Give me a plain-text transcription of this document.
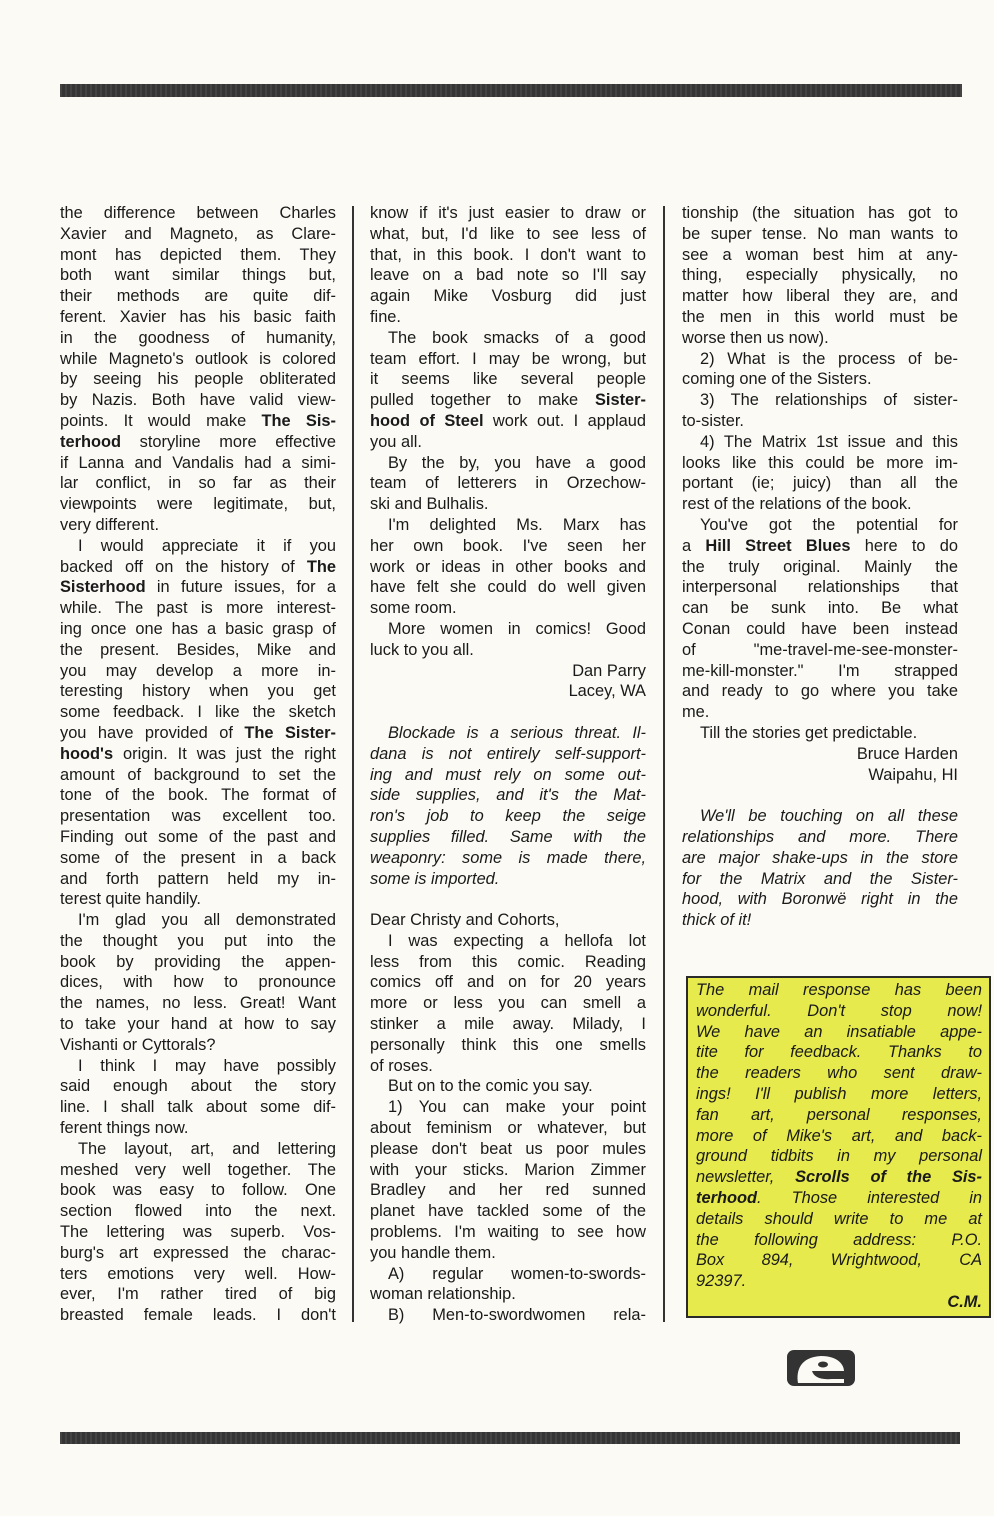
the difference between Charles
Xavier and Magneto, as Clare-
mont has depicted them. They
both want similar things but,
their methods are quite dif-
ferent. Xavier has his basic faith
in the goodness of humanity,
while Magneto's outlook is colored
by seeing his people obliterated
by Nazis. Both have valid view-
points. It would make The Sis-
terhood storyline more effective
if Lanna and Vandalis had a simi-
lar conflict, in so far as their
viewpoints were legitimate, but,
very different.
I would appreciate it if you
backed off on the history of The
Sisterhood in future issues, for a
while. The past is more interest-
ing once one has a basic grasp of
the present. Besides, Mike and
you may develop a more in-
teresting history when you get
some feedback. I like the sketch
you have provided of The Sister-
hood's origin. It was just the right
amount of background to set the
tone of the book. The format of
presentation was excellent too.
Finding out some of the past and
some of the present in a back
and forth pattern held my in-
terest quite handily.
I'm glad you all demonstrated
the thought you put into the
book by providing the appen-
dices, with how to pronounce
the names, no less. Great! Want
to take your hand at how to say
Vishanti or Cyttorals?
I think I may have possibly
said enough about the story
line. I shall talk about some dif-
ferent things now.
The layout, art, and lettering
meshed very well together. The
book was easy to follow. One
section flowed into the next.
The lettering was superb. Vos-
burg's art expressed the charac-
ters emotions very well. How-
ever, I'm rather tired of big
breasted female leads. I don't
know if it's just easier to draw or
what, but, I'd like to see less of
that, in this book. I don't want to
leave on a bad note so I'll say
again Mike Vosburg did just
fine.
The book smacks of a good
team effort. I may be wrong, but
it seems like several people
pulled together to make Sister-
hood of Steel work out. I applaud
you all.
By the by, you have a good
team of letterers in Orzechow-
ski and Bulhalis.
I'm delighted Ms. Marx has
her own book. I've seen her
work or ideas in other books and
have felt she could do well given
some room.
More women in comics! Good
luck to you all.
Dan Parry
Lacey, WA
Blockade is a serious threat. Il-
dana is not entirely self-support-
ing and must rely on some out-
side supplies, and it's the Mat-
ron's job to keep the seige
supplies filled. Same with the
weaponry: some is made there,
some is imported.
Dear Christy and Cohorts,
I was expecting a hellofa lot
less from this comic. Reading
comics off and on for 20 years
more or less you can smell a
stinker a mile away. Milady, I
personally think this one smells
of roses.
But on to the comic you say.
1) You can make your point
about feminism or whatever, but
please don't beat us poor mules
with your sticks. Marion Zimmer
Bradley and her red sunned
planet have tackled some of the
problems. I'm waiting to see how
you handle them.
A) regular women-to-swords-
woman relationship.
B) Men-to-swordwomen rela-
tionship (the situation has got to
be super tense. No man wants to
see a woman best him at any-
thing, especially physically, no
matter how liberal they are, and
the men in this world must be
worse then us now).
2) What is the process of be-
coming one of the Sisters.
3) The relationships of sister-
to-sister.
4) The Matrix 1st issue and this
looks like this could be more im-
portant (ie; juicy) than all the
rest of the relations of the book.
You've got the potential for
a Hill Street Blues here to do
the truly original. Mainly the
interpersonal relationships that
can be sunk into. Be what
Conan could have been instead
of "me-travel-me-see-monster-
me-kill-monster." I'm strapped
and ready to go where you take
me.
Till the stories get predictable.
Bruce Harden
Waipahu, HI
We'll be touching on all these
relationships and more. There
are major shake-ups in the store
for the Matrix and the Sister-
hood, with Boronwë right in the
thick of it!
The mail response has been
wonderful. Don't stop now!
We have an insatiable appe-
tite for feedback. Thanks to
the readers who sent draw-
ings! I'll publish more letters,
fan art, personal responses,
more of Mike's art, and back-
ground tidbits in my personal
newsletter, Scrolls of the Sis-
terhood. Those interested in
details should write to me at
the following address: P.O.
Box 894, Wrightwood, CA
92397.
C.M.
